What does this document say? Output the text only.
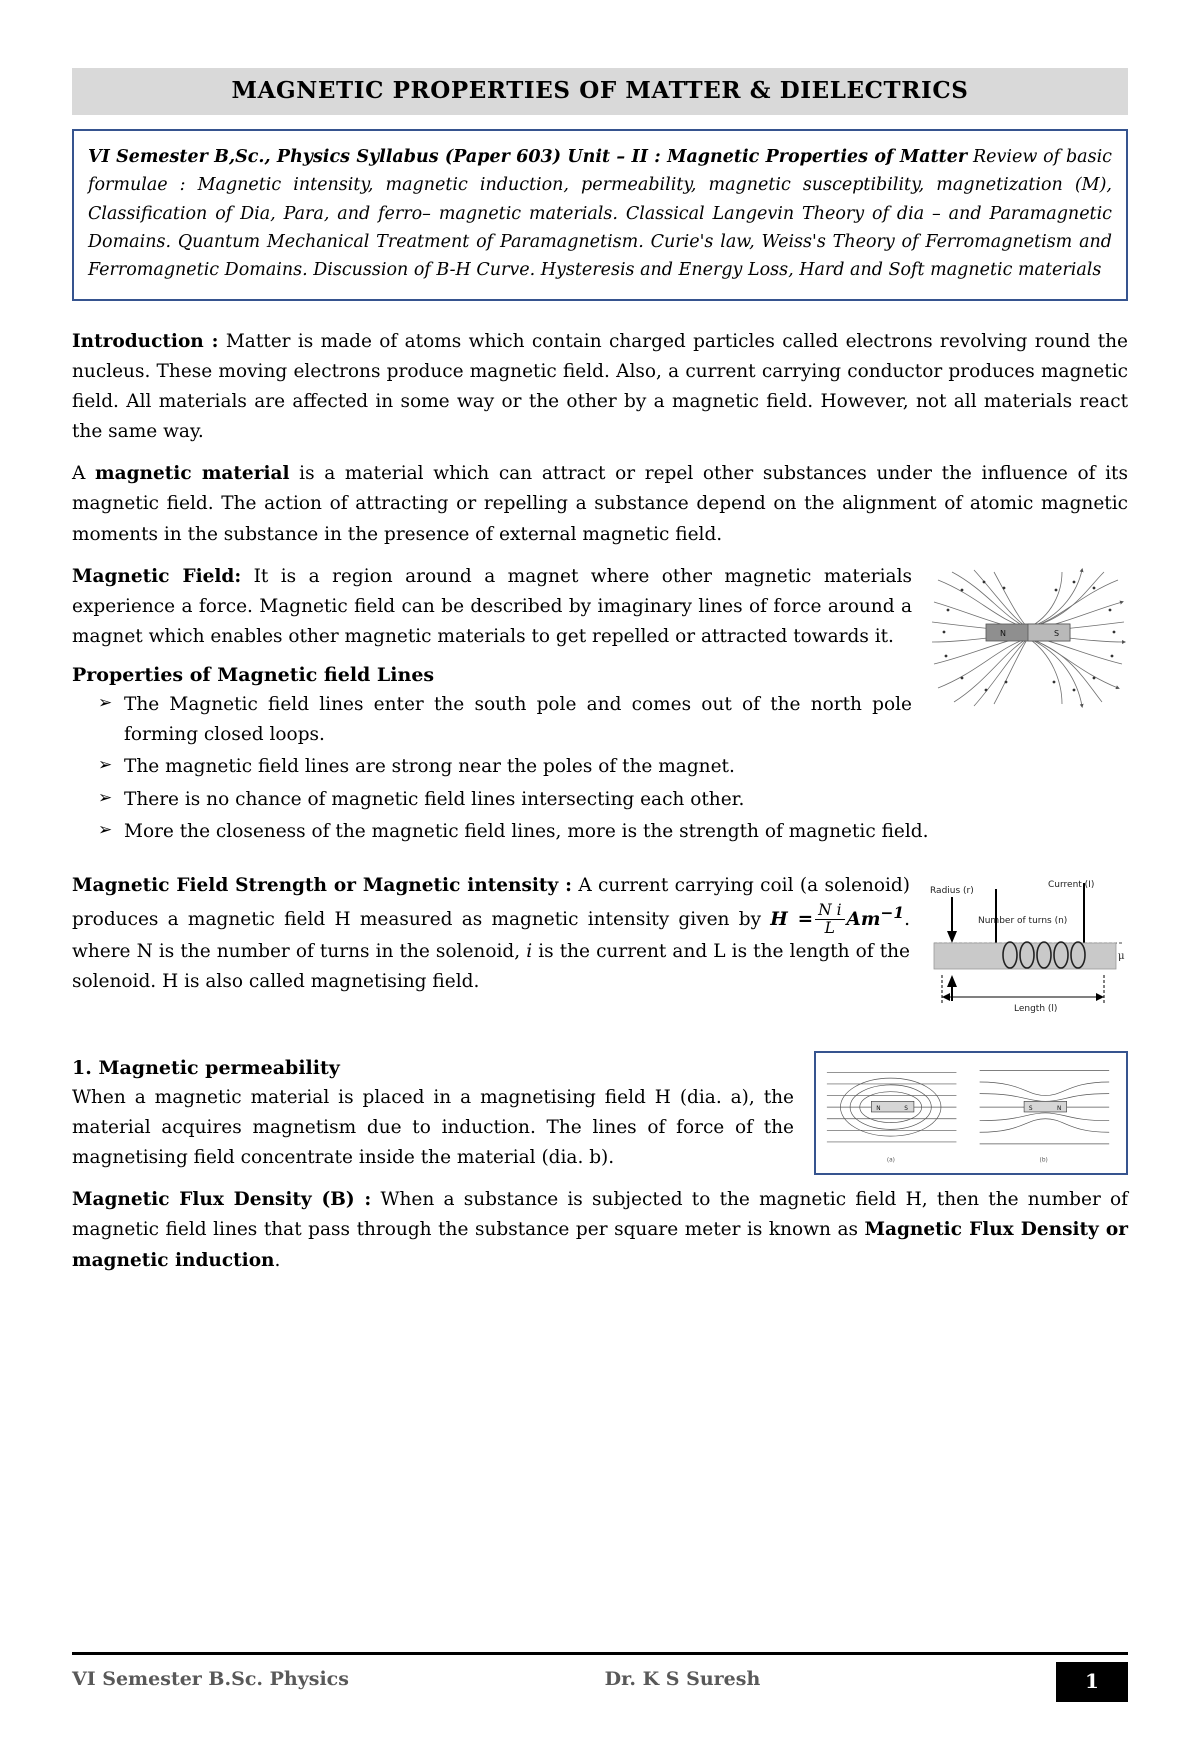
MAGNETIC PROPERTIES OF MATTER & DIELECTRICS

VI Semester B,Sc., Physics Syllabus (Paper 603) Unit – II : Magnetic Properties of Matter Review of basic formulae : Magnetic intensity, magnetic induction, permeability, magnetic susceptibility, magnetization (M), Classification of Dia, Para, and ferro– magnetic materials. Classical Langevin Theory of dia – and Paramagnetic Domains. Quantum Mechanical Treatment of Paramagnetism. Curie's law, Weiss's Theory of Ferromagnetism and Ferromagnetic Domains. Discussion of B-H Curve. Hysteresis and Energy Loss, Hard and Soft magnetic materials

Introduction : Matter is made of atoms which contain charged particles called electrons revolving round the nucleus. These moving electrons produce magnetic field. Also, a current carrying conductor produces magnetic field. All materials are affected in some way or the other by a magnetic field. However, not all materials react the same way.

A magnetic material is a material which can attract or repel other substances under the influence of its magnetic field. The action of attracting or repelling a substance depend on the alignment of atomic magnetic moments in the substance in the presence of external magnetic field.

N	S

Magnetic Field: It is a region around a magnet where other magnetic materials experience a force. Magnetic field can be described by imaginary lines of force around a magnet which enables other magnetic materials to get repelled or attracted towards it.

Properties of Magnetic field Lines
➢ The Magnetic field lines enter the south pole and comes out of the north pole forming closed loops.
➢ The magnetic field lines are strong near the poles of the magnet.
➢ There is no chance of magnetic field lines intersecting each other.
➢ More the closeness of the magnetic field lines, more is the strength of magnetic field.
Radius (r)
Current (I)
Number of turns (n)
Length (l)
μ

Magnetic Field Strength or Magnetic intensity : A current carrying coil (a solenoid) produces a magnetic field H measured as magnetic intensity given by $H = \frac{\text{N i}}{L} Am^{-1}$. where N is the number of turns in the solenoid, i is the current and L is the length of the solenoid. H is also called magnetising field.

N	S	S	N
(a)	(b)
1. Magnetic permeability

When a magnetic material is placed in a magnetising field H (dia. a), the material acquires magnetism due to induction. The lines of force of the magnetising field concentrate inside the material (dia. b).

Magnetic Flux Density (B) : When a substance is subjected to the magnetic field H, then the number of magnetic field lines that pass through the substance per square meter is known as Magnetic Flux Density or magnetic induction.

VI Semester B.Sc. Physics	Dr. K S Suresh	1
